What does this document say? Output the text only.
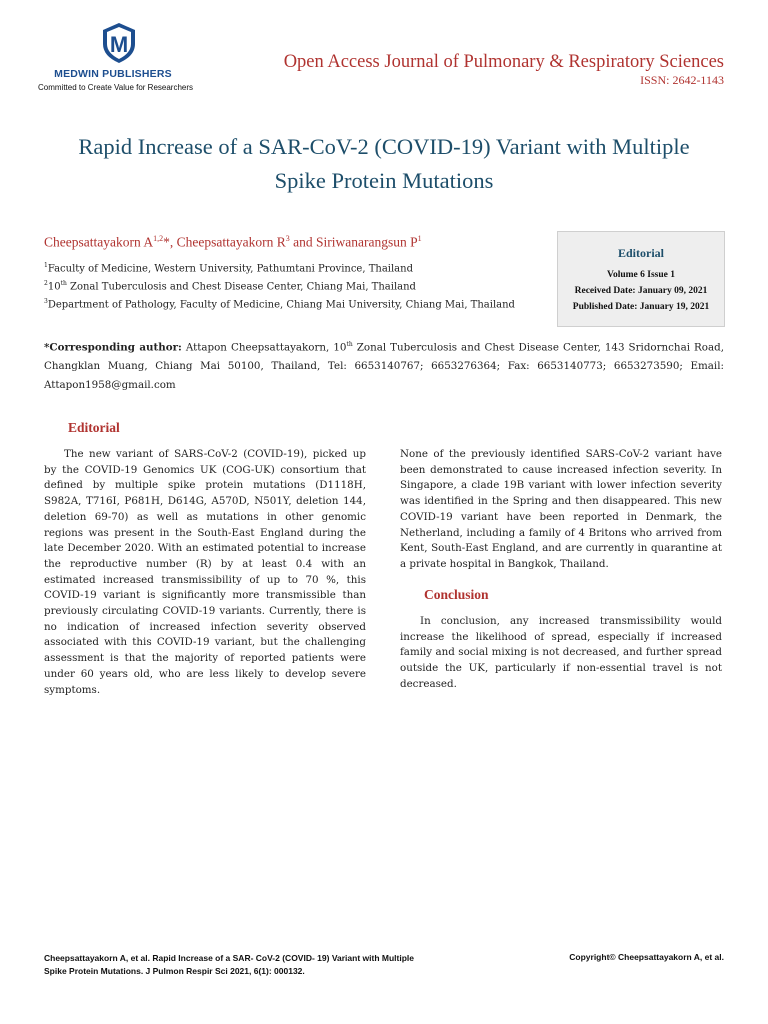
M
MEDWIN PUBLISHERS
Committed to Create Value for Researchers
Open Access Journal of Pulmonary & Respiratory Sciences
ISSN: 2642-1143
Rapid Increase of a SAR-CoV-2 (COVID-19) Variant with Multiple
Spike Protein Mutations
Cheepsattayakorn A$^{1,2}$*, Cheepsattayakorn $R^3$ and Siriwanarangsun $P^1$
$^1$Faculty of Medicine, Western University, Pathumtani Province, Thailand
$^2$10th Zonal Tuberculosis and Chest Disease Center, Chiang Mai, Thailand
$^3$Department of Pathology, Faculty of Medicine, Chiang Mai University, Chiang Mai, Thailand
Editorial
Volume 6 Issue 1
Received Date: January 09, 2021
Published Date: January 19, 2021
*Corresponding author: Attapon Cheepsattayakorn, 10th Zonal Tuberculosis and Chest Disease Center, 143 Sridornchai Road, Changklan Muang, Chiang Mai 50100, Thailand, Tel: 6653140767; 6653276364; Fax: 6653140773; 6653273590; Email: Attapon1958@gmail.com
Editorial
The new variant of SARS-CoV-2 (COVID-19), picked up by the COVID-19 Genomics UK (COG-UK) consortium that defined by multiple spike protein mutations (D1118H, S982A, T716I, P681H, D614G, A570D, N501Y, deletion 144, deletion 69-70) as well as mutations in other genomic regions was present in the South-East England during the late December 2020. With an estimated potential to increase the reproductive number (R) by at least 0.4 with an estimated increased transmissibility of up to 70 %, this COVID-19 variant is significantly more transmissible than previously circulating COVID-19 variants. Currently, there is no indication of increased infection severity observed associated with this COVID-19 variant, but the challenging assessment is that the majority of reported patients were under 60 years old, who are less likely to develop severe symptoms.
None of the previously identified SARS-CoV-2 variant have been demonstrated to cause increased infection severity. In Singapore, a clade 19B variant with lower infection severity was identified in the Spring and then disappeared. This new COVID-19 variant have been reported in Denmark, the Netherland, including a family of 4 Britons who arrived from Kent, South-East England, and are currently in quarantine at a private hospital in Bangkok, Thailand.
Conclusion
In conclusion, any increased transmissibility would increase the likelihood of spread, especially if increased family and social mixing is not decreased, and further spread outside the UK, particularly if non-essential travel is not decreased.
Cheepsattayakorn A, et al. Rapid Increase of a SAR- CoV-2 (COVID- 19) Variant with Multiple
Spike Protein Mutations. J Pulmon Respir Sci 2021, 6(1): 000132.
Copyright© Cheepsattayakorn A, et al.
